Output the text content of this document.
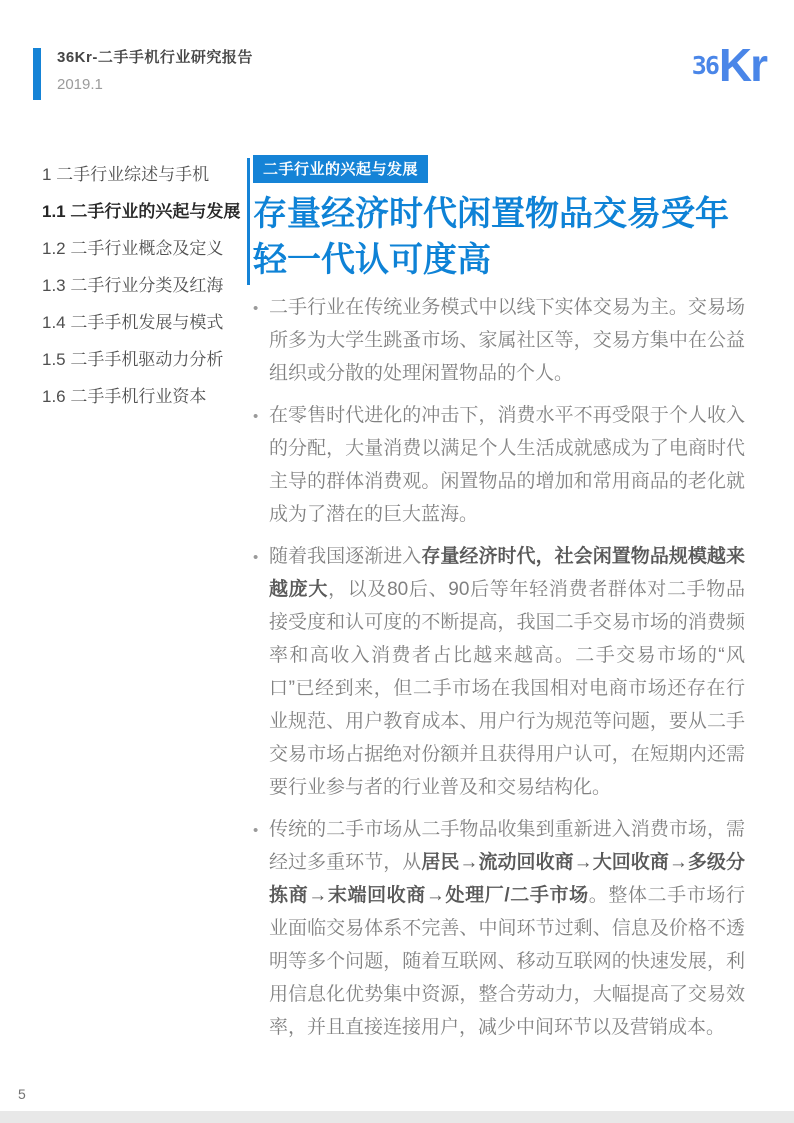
36Kr-二手手机行业研究报告
2019.1
36 Kr
1 二手行业综述与手机
1.1 二手行业的兴起与发展
1.2 二手行业概念及定义
1.3 二手行业分类及红海
1.4 二手手机发展与模式
1.5 二手手机驱动力分析
1.6 二手手机行业资本
二手行业的兴起与发展
存量经济时代闲置物品交易受年轻一代认可度高
• 二手行业在传统业务模式中以线下实体交易为主。交易场所多为大学生跳蚤市场、家属社区等，交易方集中在公益组织或分散的处理闲置物品的个人。

• 在零售时代进化的冲击下，消费水平不再受限于个人收入的分配，大量消费以满足个人生活成就感成为了电商时代主导的群体消费观。闲置物品的增加和常用商品的老化就成为了潜在的巨大蓝海。

• 随着我国逐渐进入存量经济时代，社会闲置物品规模越来越庞大，以及80后、90后等年轻消费者群体对二手物品接受度和认可度的不断提高，我国二手交易市场的消费频率和高收入消费者占比越来越高。二手交易市场的“风口”已经到来，但二手市场在我国相对电商市场还存在行业规范、用户教育成本、用户行为规范等问题，要从二手交易市场占据绝对份额并且获得用户认可，在短期内还需要行业参与者的行业普及和交易结构化。

• 传统的二手市场从二手物品收集到重新进入消费市场，需经过多重环节，从居民→流动回收商→大回收商→多级分拣商→末端回收商→处理厂/二手市场。整体二手市场行业面临交易体系不完善、中间环节过剩、信息及价格不透明等多个问题，随着互联网、移动互联网的快速发展，利用信息化优势集中资源，整合劳动力，大幅提高了交易效率，并且直接连接用户，减少中间环节以及营销成本。

5
